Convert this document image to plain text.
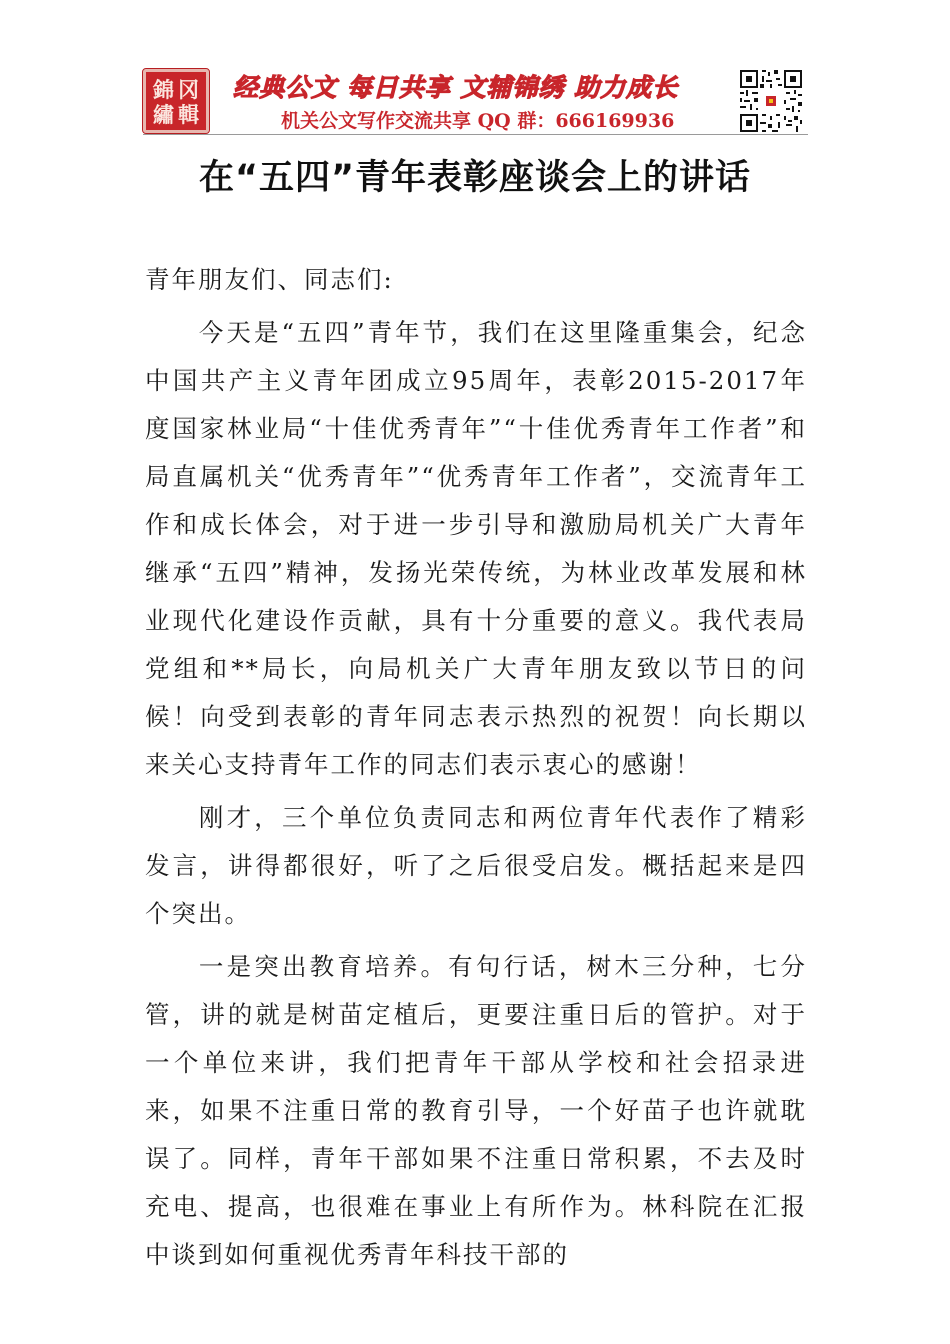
錦 冈
繡 輯
经典公文 每日共享 文辅锦绣 助力成长
机关公文写作交流共享 QQ 群：666169936
在“五四”青年表彰座谈会上的讲话

青年朋友们、同志们:

今天是“五四”青年节，我们在这里隆重集会，纪念中国共产主义青年团成立95周年，表彰2015-2017年度国家林业局“十佳优秀青年”“十佳优秀青年工作者”和局直属机关“优秀青年”“优秀青年工作者”，交流青年工作和成长体会，对于进一步引导和激励局机关广大青年继承“五四”精神，发扬光荣传统，为林业改革发展和林业现代化建设作贡献，具有十分重要的意义。我代表局党组和**局长，向局机关广大青年朋友致以节日的问候！向受到表彰的青年同志表示热烈的祝贺！向长期以来关心支持青年工作的同志们表示衷心的感谢！

刚才，三个单位负责同志和两位青年代表作了精彩发言，讲得都很好，听了之后很受启发。概括起来是四个突出。

一是突出教育培养。有句行话，树木三分种，七分管，讲的就是树苗定植后，更要注重日后的管护。对于一个单位来讲，我们把青年干部从学校和社会招录进来，如果不注重日常的教育引导，一个好苗子也许就耽误了。同样，青年干部如果不注重日常积累，不去及时充电、提高，也很难在事业上有所作为。林科院在汇报中谈到如何重视优秀青年科技干部的
